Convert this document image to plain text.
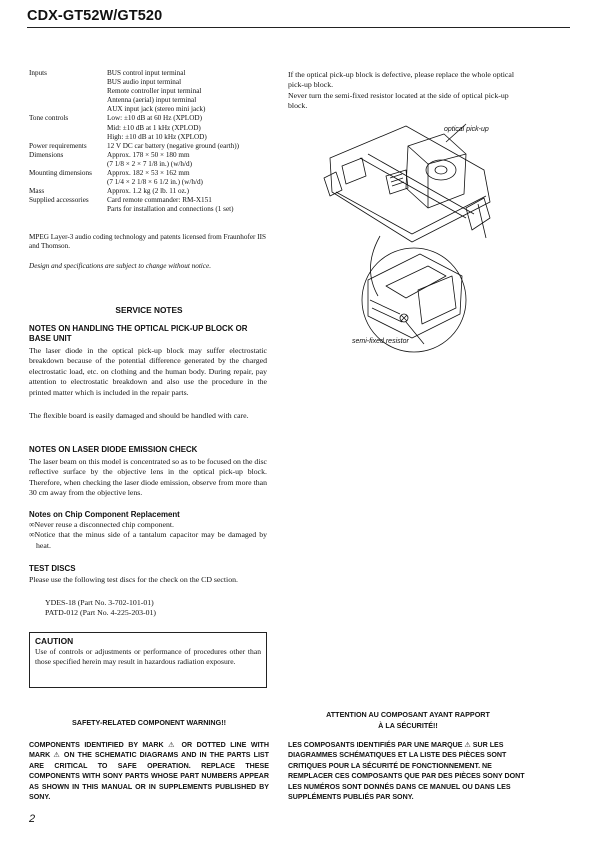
CDX-GT52W/GT520
Inputs	BUS control input terminal
BUS audio input terminal
Remote controller input terminal
Antenna (aerial) input terminal
AUX input jack (stereo mini jack)
Tone controls	Low: ±10 dB at 60 Hz (XPLOD)
Mid: ±10 dB at 1 kHz (XPLOD)
High: ±10 dB at 10 kHz (XPLOD)
Power requirements	12 V DC car battery (negative ground (earth))
Dimensions	Approx. 178 × 50 × 180 mm
(7 1/8 × 2 × 7 1/8 in.) (w/h/d)
Mounting dimensions	Approx. 182 × 53 × 162 mm
(7 1/4 × 2 1/8 × 6 1/2 in.) (w/h/d)
Mass	Approx. 1.2 kg (2 lb. 11 oz.)
Supplied accessories	Card remote commander: RM-X151
Parts for installation and connections (1 set)
MPEG Layer-3 audio coding technology and patents licensed from Fraunhofer IIS and Thomson.
Design and specifications are subject to change without notice.
SERVICE NOTES
NOTES ON HANDLING THE OPTICAL PICK-UP BLOCK OR BASE UNIT
The laser diode in the optical pick-up block may suffer electrostatic breakdown because of the potential difference generated by the charged electrostatic load, etc. on clothing and the human body. During repair, pay attention to electrostatic breakdown and also use the procedure in the printed matter which is included in the repair parts.
The flexible board is easily damaged and should be handled with care.
NOTES ON LASER DIODE EMISSION CHECK
The laser beam on this model is concentrated so as to be focused on the disc reflective surface by the objective lens in the optical pick-up block. Therefore, when checking the laser diode emission, observe from more than 30 cm away from the objective lens.
Notes on Chip Component Replacement
∞Never reuse a disconnected chip component.
∞Notice that the minus side of a tantalum capacitor may be damaged by heat.
TEST DISCS
Please use the following test discs for the check on the CD section.
YDES-18 (Part No. 3-702-101-01)
PATD-012 (Part No. 4-225-203-01)
CAUTION
Use of controls or adjustments or performance of procedures other than those specified herein may result in hazardous radiation exposure.
If the optical pick-up block is defective, please replace the whole optical pick-up block.
Never turn the semi-fixed resistor located at the side of optical pick-up block.
optical pick-up
semi-fixed resistor
SAFETY-RELATED COMPONENT WARNING!!
COMPONENTS IDENTIFIED BY MARK ⚠ OR DOTTED LINE WITH MARK ⚠ ON THE SCHEMATIC DIAGRAMS AND IN THE PARTS LIST ARE CRITICAL TO SAFE OPERATION. REPLACE THESE COMPONENTS WITH SONY PARTS WHOSE PART NUMBERS APPEAR AS SHOWN IN THIS MANUAL OR IN SUPPLEMENTS PUBLISHED BY SONY.
ATTENTION AU COMPOSANT AYANT RAPPORT
À LA SÉCURITÉ!!
LES COMPOSANTS IDENTIFIÉS PAR UNE MARQUE ⚠ SUR LES DIAGRAMMES SCHÉMATIQUES ET LA LISTE DES PIÈCES SONT CRITIQUES POUR LA SÉCURITÉ DE FONCTIONNEMENT. NE REMPLACER CES COMPOSANTS QUE PAR DES PIÈCES SONY DONT LES NUMÉROS SONT DONNÉS DANS CE MANUEL OU DANS LES SUPPLÉMENTS PUBLIÉS PAR SONY.
2
